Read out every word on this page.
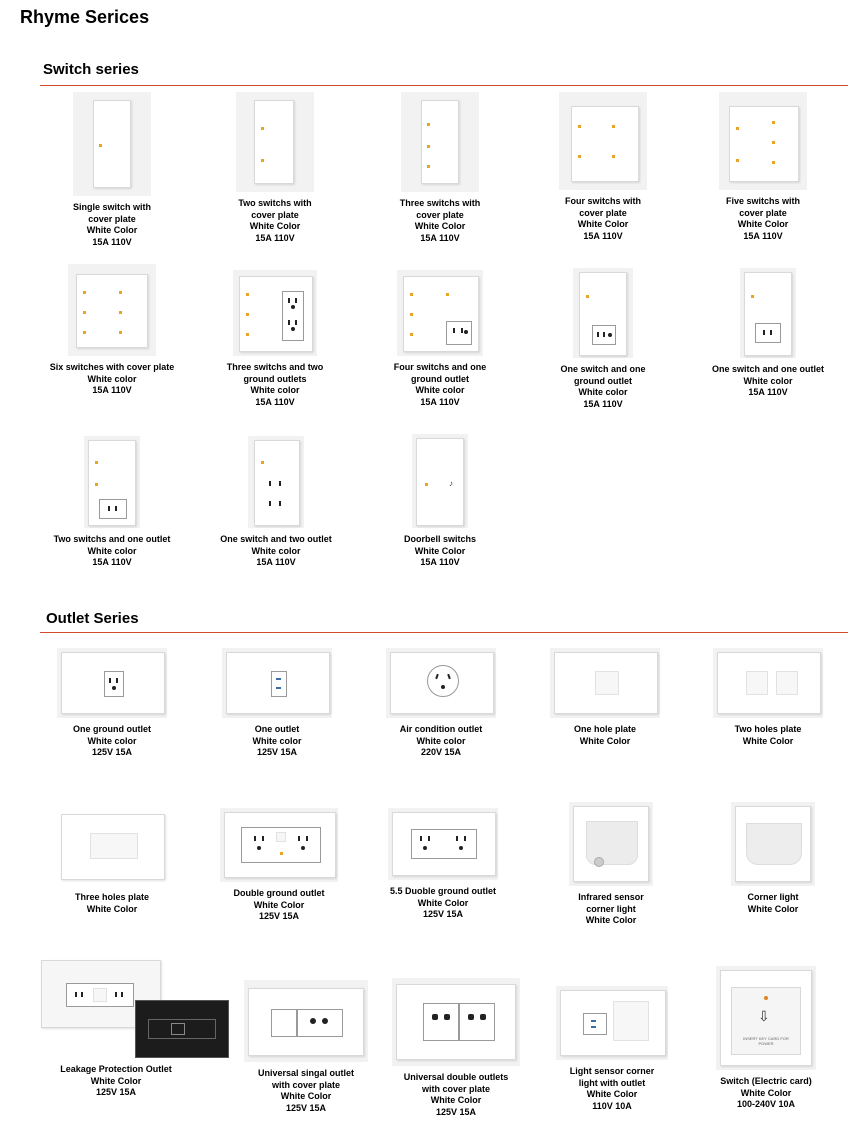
Rhyme Serices
Switch series
Outlet Series
Single switch with
cover plate
White Color
15A 110V
Two switchs with
cover plate
White Color
15A 110V
Three switchs with
cover plate
White Color
15A 110V
Four switchs with
cover plate
White Color
15A 110V
Five switchs with
cover plate
White Color
15A 110V
Six switches with cover plate
White color
15A 110V
Three switchs and two
ground outlets
White color
15A 110V
Four switchs and one
ground outlet
White color
15A 110V
One switch and one
ground outlet
White color
15A 110V
One switch and one outlet
White color
15A 110V
Two switchs and one outlet
White color
15A 110V
One switch and two outlet
White color
15A 110V
♪
Doorbell switchs
White Color
15A 110V
One ground outlet
White color
125V 15A
One outlet
White color
125V 15A
Air condition outlet
White color
220V 15A
One hole plate
White Color
Two holes plate
White Color
Three holes plate
White Color
Double ground outlet
White Color
125V 15A
5.5 Duoble ground outlet
White Color
125V 15A
Infrared sensor
corner light
White Color
Corner light
White Color
Leakage Protection Outlet
White Color
125V 15A
Universal singal outlet
with cover plate
White Color
125V 15A
Universal double outlets
with cover plate
White Color
125V 15A
Light sensor corner
light with outlet
White Color
110V 10A
⇩
INSERT KEY CARD FOR POWER
Switch (Electric card)
White Color
100-240V 10A
